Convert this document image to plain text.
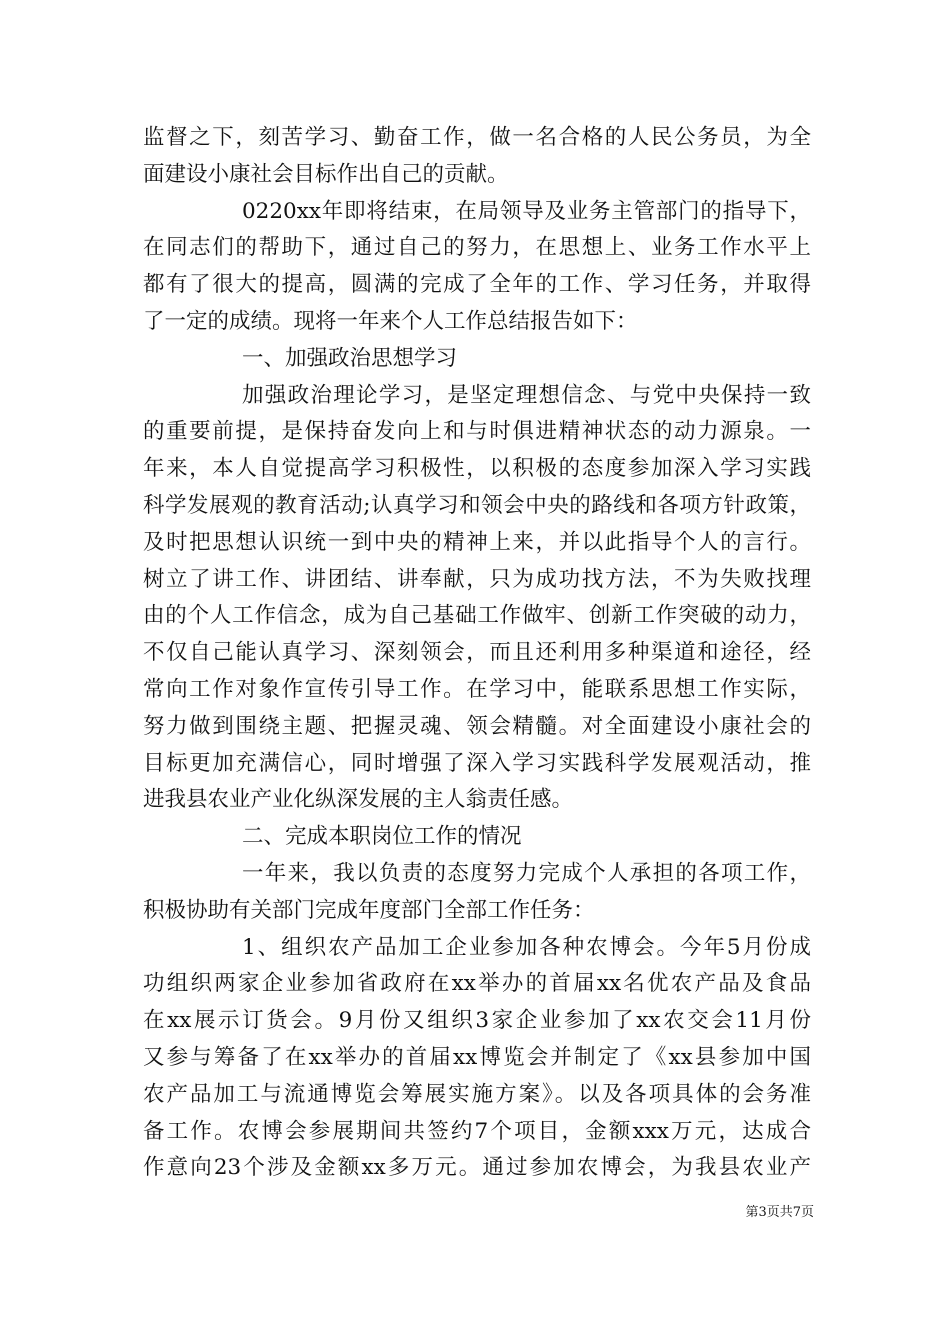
监督之下，刻苦学习、勤奋工作，做一名合格的人民公务员，为全
面建设小康社会目标作出自己的贡献。
0220xx年即将结束，在局领导及业务主管部门的指导下，
在同志们的帮助下，通过自己的努力，在思想上、业务工作水平上
都有了很大的提高，圆满的完成了全年的工作、学习任务，并取得
了一定的成绩。现将一年来个人工作总结报告如下：
一、加强政治思想学习
加强政治理论学习，是坚定理想信念、与党中央保持一致
的重要前提，是保持奋发向上和与时俱进精神状态的动力源泉。一
年来，本人自觉提高学习积极性，以积极的态度参加深入学习实践
科学发展观的教育活动;认真学习和领会中央的路线和各项方针政策，
及时把思想认识统一到中央的精神上来，并以此指导个人的言行。
树立了讲工作、讲团结、讲奉献，只为成功找方法，不为失败找理
由的个人工作信念，成为自己基础工作做牢、创新工作突破的动力，
不仅自己能认真学习、深刻领会，而且还利用多种渠道和途径，经
常向工作对象作宣传引导工作。在学习中，能联系思想工作实际，
努力做到围绕主题、把握灵魂、领会精髓。对全面建设小康社会的
目标更加充满信心，同时增强了深入学习实践科学发展观活动，推
进我县农业产业化纵深发展的主人翁责任感。
二、完成本职岗位工作的情况
一年来，我以负责的态度努力完成个人承担的各项工作，
积极协助有关部门完成年度部门全部工作任务：
1、组织农产品加工企业参加各种农博会。今年5月份成
功组织两家企业参加省政府在xx举办的首届xx名优农产品及食品
在xx展示订货会。9月份又组织3家企业参加了xx农交会11月份
又参与筹备了在xx举办的首届xx博览会并制定了《xx县参加中国
农产品加工与流通博览会筹展实施方案》。以及各项具体的会务准
备工作。农博会参展期间共签约7个项目，金额xxx万元，达成合
作意向23个涉及金额xx多万元。通过参加农博会，为我县农业产
第3页共7页
